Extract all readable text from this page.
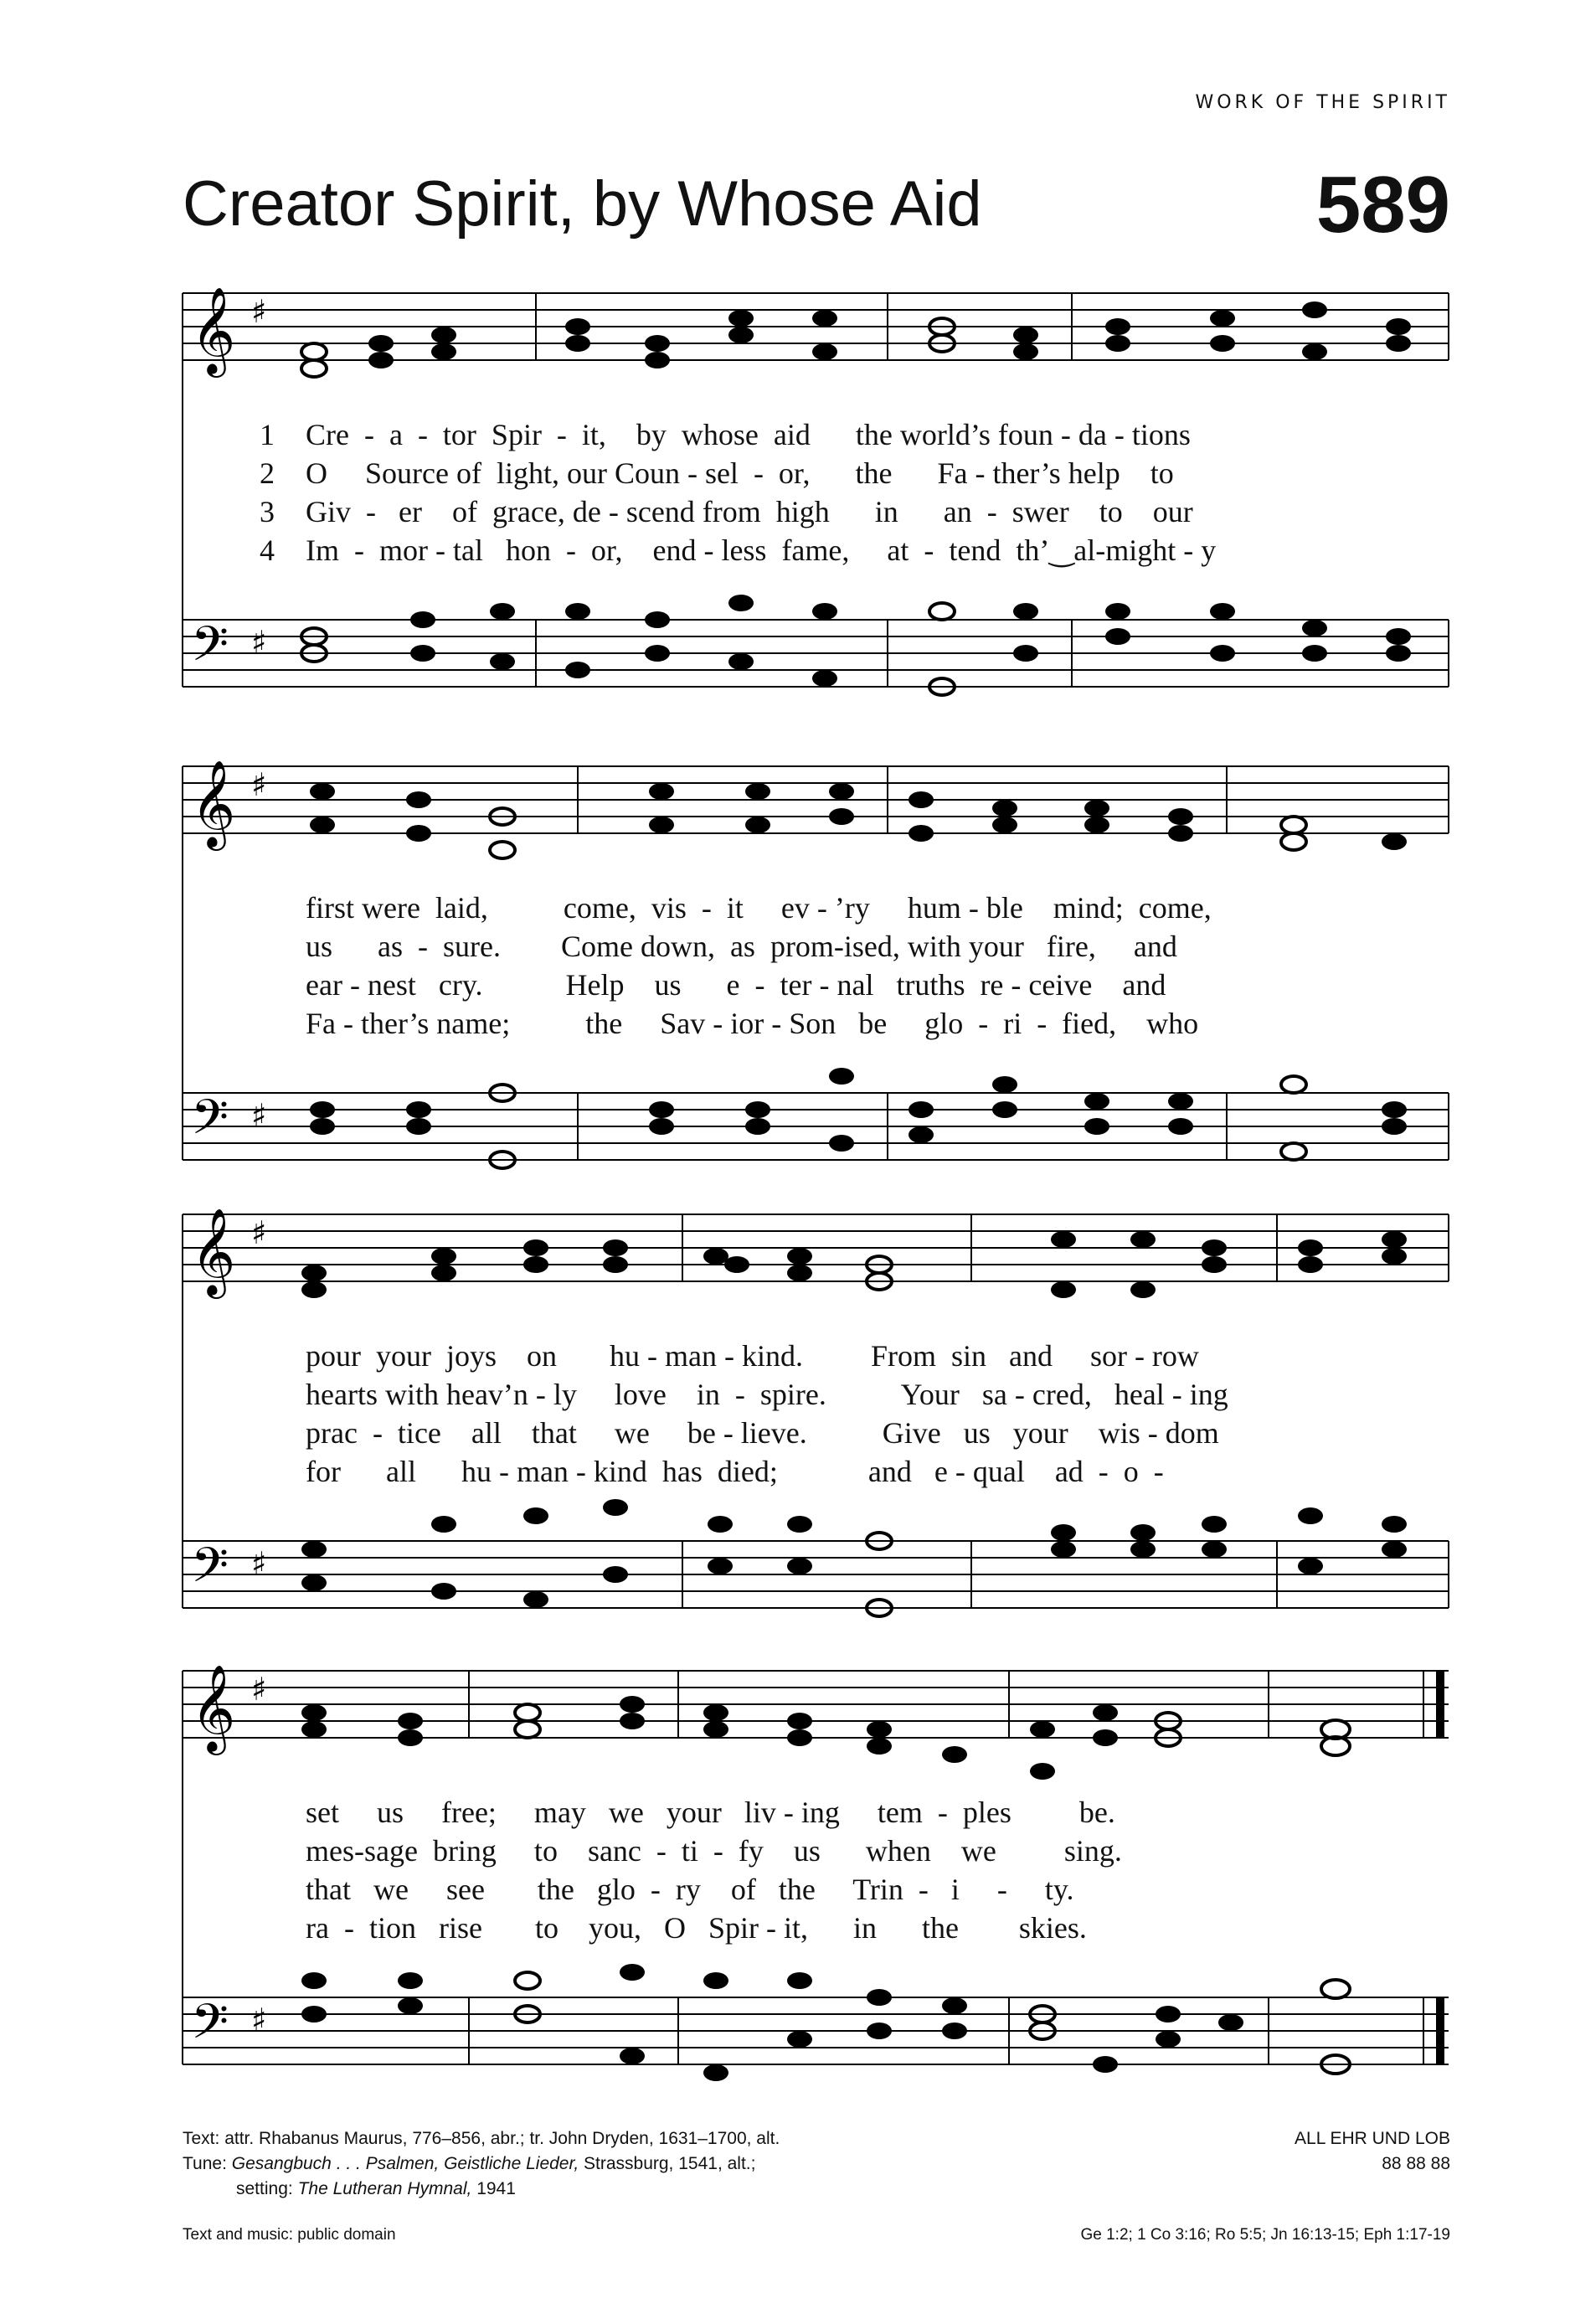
WORK OF THE SPIRIT
Creator Spirit, by Whose Aid	589
𝄞 ♯
𝄢 ♯
1 Cre  -  a  -  tor  Spir  -  it,    by  whose  aid      the world’s foun - da - tions
2 O     Source of  light, our Coun - sel  -  or,      the      Fa - ther’s help    to
3 Giv  -   er    of  grace, de - scend from  high      in      an  -  swer    to    our
4 Im  -  mor - tal   hon  -  or,    end - less  fame,     at  -  tend  th’‿al-might - y
𝄞 ♯
𝄢 ♯
first were  laid,          come,  vis  -  it     ev - ’ry     hum - ble    mind;  come,
us      as  -  sure.        Come down,  as  prom-ised, with your   fire,     and
ear - nest   cry.           Help    us      e  -  ter - nal   truths  re - ceive    and
Fa - ther’s name;          the     Sav - ior - Son   be     glo  -  ri  -  fied,    who
𝄞 ♯
𝄢 ♯
pour  your  joys    on       hu - man - kind.         From  sin   and     sor - row
hearts with heav’n - ly     love    in  -  spire.          Your   sa - cred,   heal - ing
prac  -  tice    all    that     we     be - lieve.          Give   us   your    wis - dom
for      all      hu - man - kind  has  died;            and   e - qual    ad  -  o  -
𝄞 ♯
𝄢 ♯
set     us     free;     may   we   your   liv - ing     tem  -  ples         be.
mes-sage  bring     to    sanc  -  ti  -  fy    us      when    we         sing.
that   we     see       the   glo  -  ry    of   the     Trin  -   i     -     ty.
ra  -  tion   rise       to    you,   O   Spir - it,      in      the        skies.
Text: attr. Rhabanus Maurus, 776–856, abr.; tr. John Dryden, 1631–1700, alt.
Tune: Gesangbuch . . . Psalmen, Geistliche Lieder, Strassburg, 1541, alt.;
setting: The Lutheran Hymnal, 1941
ALL EHR UND LOB
88 88 88
Text and music: public domain	Ge 1:2; 1 Co 3:16; Ro 5:5; Jn 16:13-15; Eph 1:17-19
